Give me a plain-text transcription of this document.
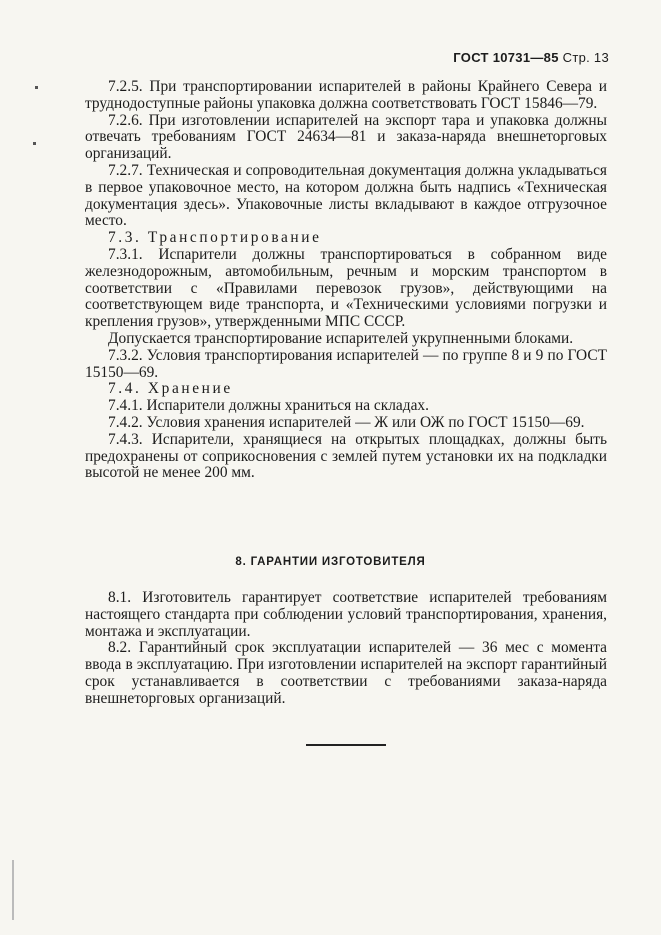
ГОСТ 10731—85 Стр. 13

7.2.5. При транспортировании испарителей в районы Крайнего Севера и труднодоступные районы упаковка должна соответствовать ГОСТ 15846—79.

7.2.6. При изготовлении испарителей на экспорт тара и упаковка должны отвечать требованиям ГОСТ 24634—81 и заказа-наряда внешнеторговых организаций.

7.2.7. Техническая и сопроводительная документация должна укладываться в первое упаковочное место, на котором должна быть надпись «Техническая документация здесь». Упаковочные листы вкладывают в каждое отгрузочное место.

7.3. Транспортирование

7.3.1. Испарители должны транспортироваться в собранном виде железнодорожным, автомобильным, речным и морским транспортом в соответствии с «Правилами перевозок грузов», действующими на соответствующем виде транспорта, и «Техническими условиями погрузки и крепления грузов», утвержденными МПС СССР.

Допускается транспортирование испарителей укрупненными блоками.

7.3.2. Условия транспортирования испарителей — по группе 8 и 9 по ГОСТ 15150—69.

7.4. Хранение

7.4.1. Испарители должны храниться на складах.

7.4.2. Условия хранения испарителей — Ж или ОЖ по ГОСТ 15150—69.

7.4.3. Испарители, хранящиеся на открытых площадках, должны быть предохранены от соприкосновения с землей путем установки их на подкладки высотой не менее 200 мм.

8. ГАРАНТИИ ИЗГОТОВИТЕЛЯ

8.1. Изготовитель гарантирует соответствие испарителей требованиям настоящего стандарта при соблюдении условий транспортирования, хранения, монтажа и эксплуатации.

8.2. Гарантийный срок эксплуатации испарителей — 36 мес с момента ввода в эксплуатацию. При изготовлении испарителей на экспорт гарантийный срок устанавливается в соответствии с требованиями заказа-наряда внешнеторговых организаций.
